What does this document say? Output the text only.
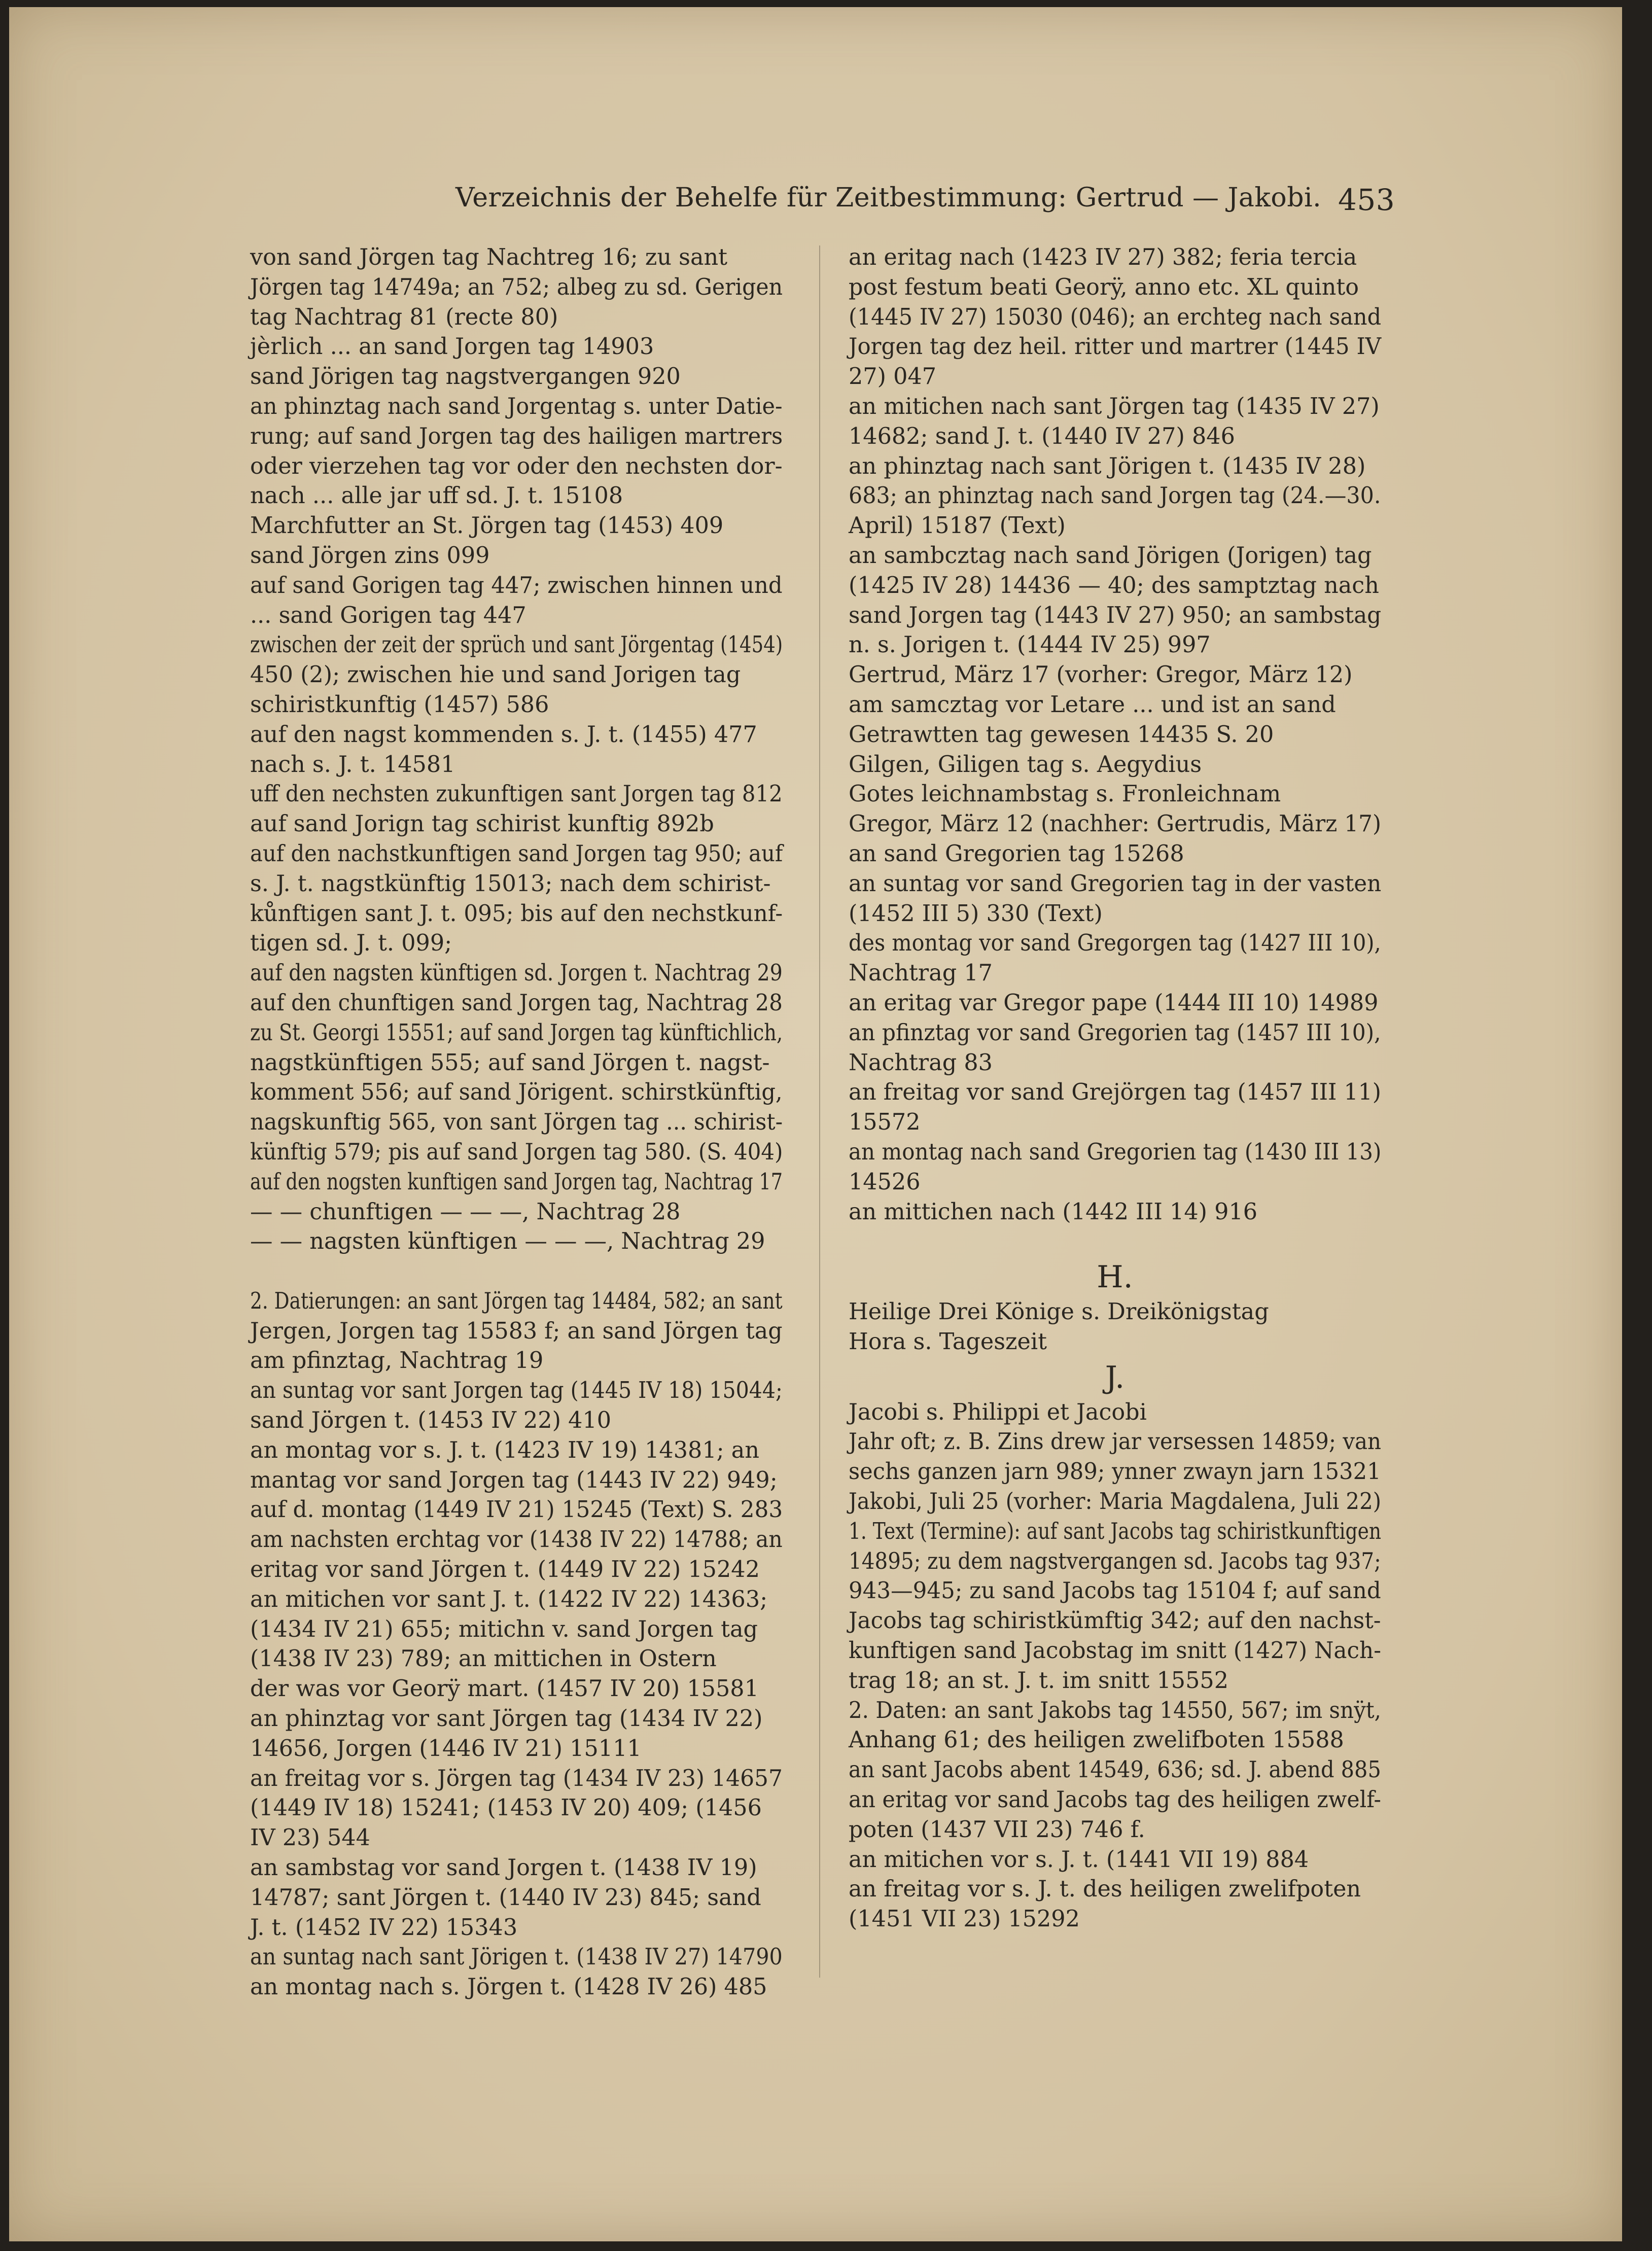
Verzeichnis der Behelfe für Zeitbestimmung: Gertrud — Jakobi. 453
von sand Jörgen tag Nachtreg 16; zu sant
Jörgen tag 14749a; an 752; albeg zu sd. Gerigen
tag Nachtrag 81 (recte 80)
jèrlich ... an sand Jorgen tag 14903
sand Jörigen tag nagstvergangen 920
an phinztag nach sand Jorgentag s. unter Datie-
rung; auf sand Jorgen tag des hailigen martrers
oder vierzehen tag vor oder den nechsten dor-
nach ... alle jar uff sd. J. t. 15108
Marchfutter an St. Jörgen tag (1453) 409
sand Jörgen zins 099
auf sand Gorigen tag 447; zwischen hinnen und
... sand Gorigen tag 447
zwischen der zeit der sprüch und sant Jörgentag (1454)
450 (2); zwischen hie und sand Jorigen tag
schiristkunftig (1457) 586
auf den nagst kommenden s. J. t. (1455) 477
nach s. J. t. 14581
uff den nechsten zukunftigen sant Jorgen tag 812
auf sand Jorign tag schirist kunftig 892b
auf den nachstkunftigen sand Jorgen tag 950; auf
s. J. t. nagstkünftig 15013; nach dem schirist-
kůnftigen sant J. t. 095; bis auf den nechstkunf-
tigen sd. J. t. 099;
auf den nagsten künftigen sd. Jorgen t. Nachtrag 29
auf den chunftigen sand Jorgen tag, Nachtrag 28
zu St. Georgi 15551; auf sand Jorgen tag künftichlich,
nagstkünftigen 555; auf sand Jörgen t. nagst-
komment 556; auf sand Jörigent. schirstkünftig,
nagskunftig 565, von sant Jörgen tag ... schirist-
künftig 579; pis auf sand Jorgen tag 580. (S. 404)
auf den nogsten kunftigen sand Jorgen tag, Nachtrag 17
— — chunftigen — — —, Nachtrag 28
— — nagsten künftigen — — —, Nachtrag 29
2. Datierungen: an sant Jörgen tag 14484, 582; an sant
Jergen, Jorgen tag 15583 f; an sand Jörgen tag
am pfinztag, Nachtrag 19
an suntag vor sant Jorgen tag (1445 IV 18) 15044;
sand Jörgen t. (1453 IV 22) 410
an montag vor s. J. t. (1423 IV 19) 14381; an
mantag vor sand Jorgen tag (1443 IV 22) 949;
auf d. montag (1449 IV 21) 15245 (Text) S. 283
am nachsten erchtag vor (1438 IV 22) 14788; an
eritag vor sand Jörgen t. (1449 IV 22) 15242
an mitichen vor sant J. t. (1422 IV 22) 14363;
(1434 IV 21) 655; mitichn v. sand Jorgen tag
(1438 IV 23) 789; an mittichen in Ostern
der was vor Georÿ mart. (1457 IV 20) 15581
an phinztag vor sant Jörgen tag (1434 IV 22)
14656, Jorgen (1446 IV 21) 15111
an freitag vor s. Jörgen tag (1434 IV 23) 14657
(1449 IV 18) 15241; (1453 IV 20) 409; (1456
IV 23) 544
an sambstag vor sand Jorgen t. (1438 IV 19)
14787; sant Jörgen t. (1440 IV 23) 845; sand
J. t. (1452 IV 22) 15343
an suntag nach sant Jörigen t. (1438 IV 27) 14790
an montag nach s. Jörgen t. (1428 IV 26) 485
an eritag nach (1423 IV 27) 382; feria tercia
post festum beati Georÿ, anno etc. XL quinto
(1445 IV 27) 15030 (046); an erchteg nach sand
Jorgen tag dez heil. ritter und martrer (1445 IV
27) 047
an mitichen nach sant Jörgen tag (1435 IV 27)
14682; sand J. t. (1440 IV 27) 846
an phinztag nach sant Jörigen t. (1435 IV 28)
683; an phinztag nach sand Jorgen tag (24.—30.
April) 15187 (Text)
an sambcztag nach sand Jörigen (Jorigen) tag
(1425 IV 28) 14436 — 40; des samptztag nach
sand Jorgen tag (1443 IV 27) 950; an sambstag
n. s. Jorigen t. (1444 IV 25) 997
Gertrud, März 17 (vorher: Gregor, März 12)
am samcztag vor Letare ... und ist an sand
Getrawtten tag gewesen 14435 S. 20
Gilgen, Giligen tag s. Aegydius
Gotes leichnambstag s. Fronleichnam
Gregor, März 12 (nachher: Gertrudis, März 17)
an sand Gregorien tag 15268
an suntag vor sand Gregorien tag in der vasten
(1452 III 5) 330 (Text)
des montag vor sand Gregorgen tag (1427 III 10),
Nachtrag 17
an eritag var Gregor pape (1444 III 10) 14989
an pfinztag vor sand Gregorien tag (1457 III 10),
Nachtrag 83
an freitag vor sand Grejörgen tag (1457 III 11)
15572
an montag nach sand Gregorien tag (1430 III 13)
14526
an mittichen nach (1442 III 14) 916
H.
Heilige Drei Könige s. Dreikönigstag
Hora s. Tageszeit
J.
Jacobi s. Philippi et Jacobi
Jahr oft; z. B. Zins drew jar versessen 14859; van
sechs ganzen jarn 989; ynner zwayn jarn 15321
Jakobi, Juli 25 (vorher: Maria Magdalena, Juli 22)
1. Text (Termine): auf sant Jacobs tag schiristkunftigen
14895; zu dem nagstvergangen sd. Jacobs tag 937;
943—945; zu sand Jacobs tag 15104 f; auf sand
Jacobs tag schiristkümftig 342; auf den nachst-
kunftigen sand Jacobstag im snitt (1427) Nach-
trag 18; an st. J. t. im snitt 15552
2. Daten: an sant Jakobs tag 14550, 567; im snÿt,
Anhang 61; des heiligen zwelifboten 15588
an sant Jacobs abent 14549, 636; sd. J. abend 885
an eritag vor sand Jacobs tag des heiligen zwelf-
poten (1437 VII 23) 746 f.
an mitichen vor s. J. t. (1441 VII 19) 884
an freitag vor s. J. t. des heiligen zwelifpoten
(1451 VII 23) 15292
